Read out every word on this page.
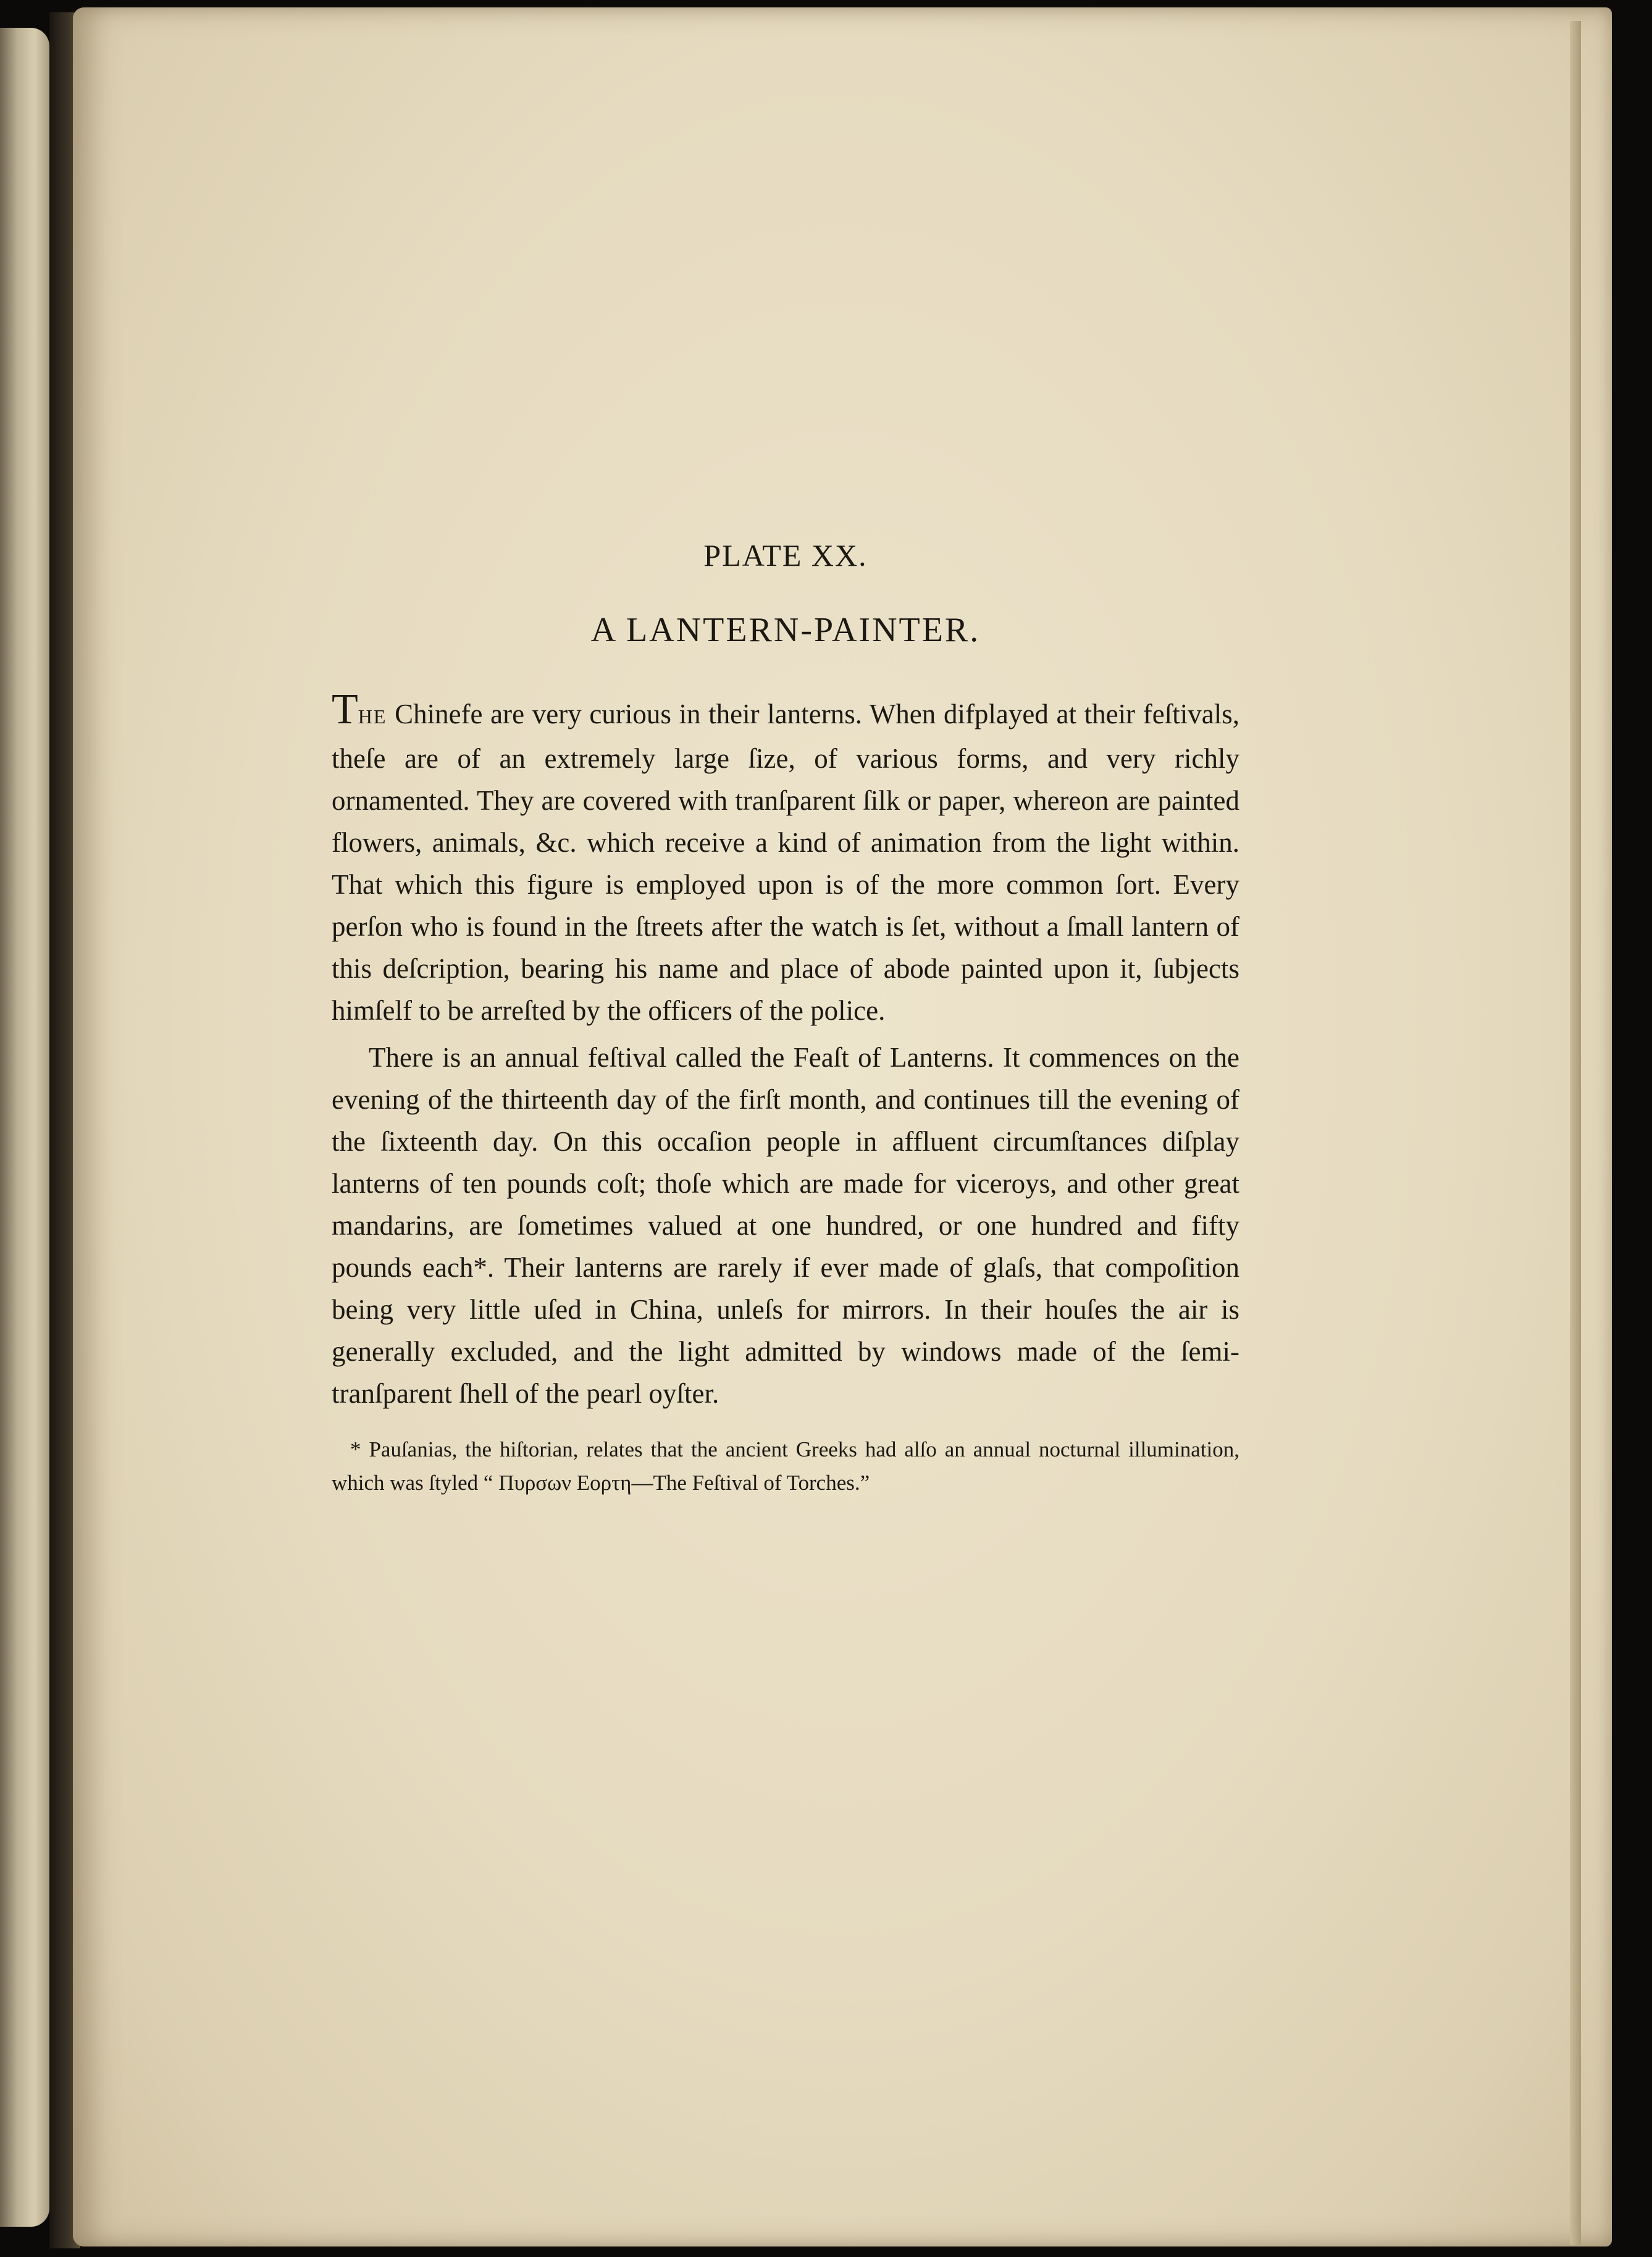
PLATE XX.
A LANTERN-PAINTER.

THE Chinefe are very curious in their lanterns. When difplayed at their feſtivals, theſe are of an extremely large ſize, of various forms, and very richly ornamented. They are covered with tranſparent ſilk or paper, whereon are painted flowers, animals, &c. which receive a kind of animation from the light within. That which this figure is employed upon is of the more common ſort. Every perſon who is found in the ſtreets after the watch is ſet, without a ſmall lantern of this deſcription, bearing his name and place of abode painted upon it, ſubjects himſelf to be arreſted by the officers of the police.

There is an annual feſtival called the Feaſt of Lanterns. It commences on the evening of the thirteenth day of the firſt month, and continues till the evening of the ſixteenth day. On this occaſion people in affluent circumſtances diſplay lanterns of ten pounds coſt; thoſe which are made for viceroys, and other great mandarins, are ſometimes valued at one hundred, or one hundred and fifty pounds each*. Their lanterns are rarely if ever made of glaſs, that compoſition being very little uſed in China, unleſs for mirrors. In their houſes the air is generally excluded, and the light admitted by windows made of the ſemi-tranſparent ſhell of the pearl oyſter.

* Pauſanias, the hiſtorian, relates that the ancient Greeks had alſo an annual nocturnal illumination, which was ſtyled “ Πυρσων Εορτη—The Feſtival of Torches.”
